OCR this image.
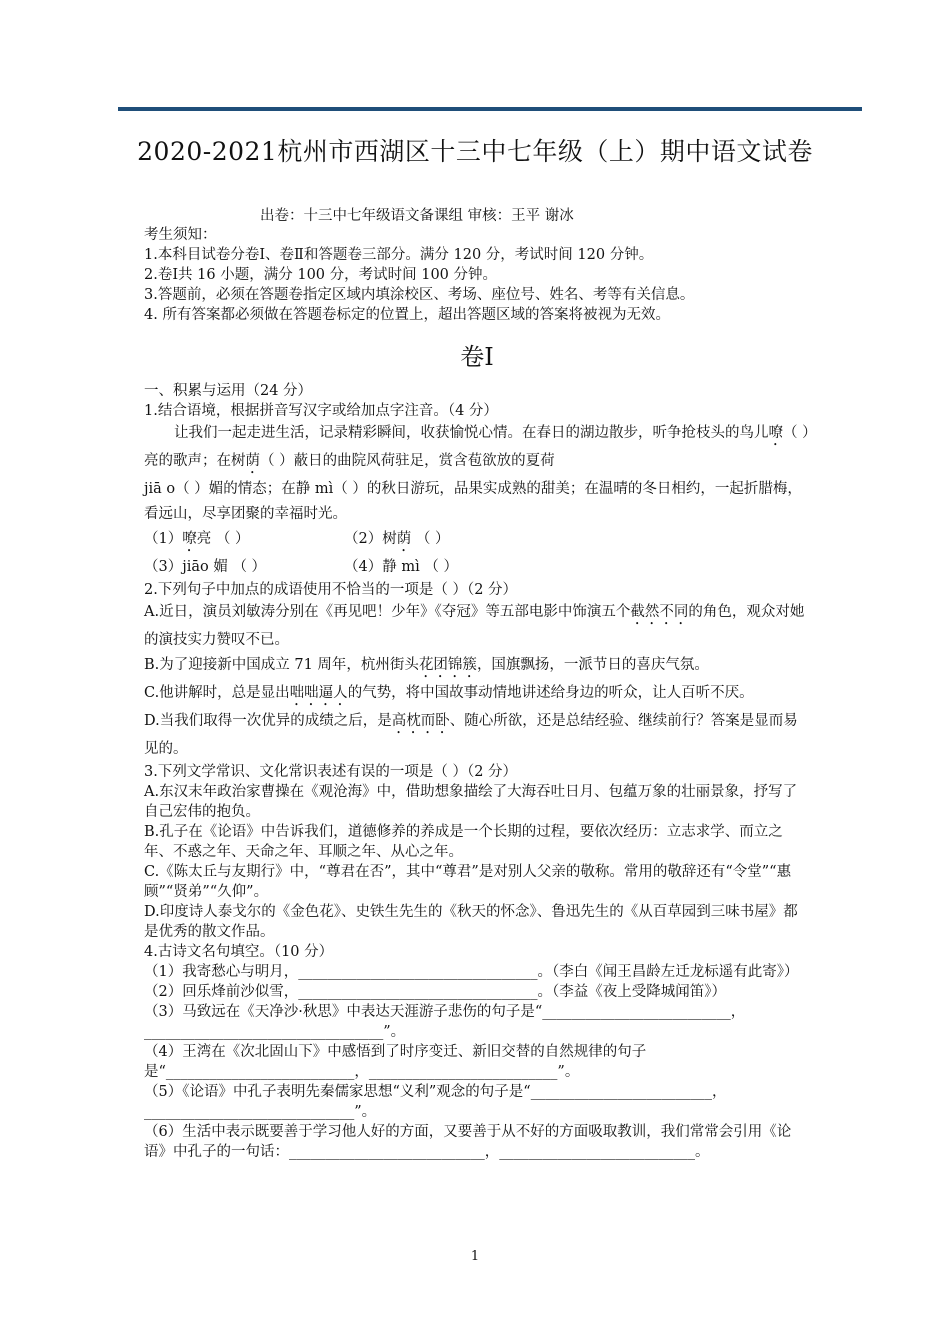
2020-2021杭州市西湖区十三中七年级（上）期中语文试卷
出卷：十三中七年级语文备课组 审核：王平 谢冰

考生须知：

1.本科目试卷分卷Ⅰ、卷Ⅱ和答题卷三部分。满分 120 分，考试时间 120 分钟。

2.卷Ⅰ共 16 小题，满分 100 分，考试时间 100 分钟。

3.答题前，必须在答题卷指定区域内填涂校区、考场、座位号、姓名、考等有关信息。

4. 所有答案都必须做在答题卷标定的位置上，超出答题区域的答案将被视为无效。

卷Ⅰ

一、积累与运用（24 分）

1.结合语境，根据拼音写汉字或给加点字注音。（4 分）

让我们一起走进生活，记录精彩瞬间，收获愉悦心情。在春日的湖边散步，听争抢枝头的鸟儿嘹（ ）亮的歌声；在树荫（ ）蔽日的曲院风荷驻足，赏含苞欲放的夏荷

jiā o（ ）媚的情态；在静 mì（ ）的秋日游玩，品果实成熟的甜美；在温晴的冬日相约，一起折腊梅，看远山，尽享团聚的幸福时光。

（1）嘹亮 （ ）	（2）树荫 （ ）

（3）jiāo 媚 （ ）	（4）静 mì （ ）

2.下列句子中加点的成语使用不恰当的一项是（ ）（2 分）

A.近日，演员刘敏涛分别在《再见吧！少年》《夺冠》等五部电影中饰演五个截然不同的角色，观众对她的演技实力赞叹不已。

B.为了迎接新中国成立 71 周年，杭州街头花团锦簇，国旗飘扬，一派节日的喜庆气氛。

C.他讲解时，总是显出咄咄逼人的气势，将中国故事动情地讲述给身边的听众，让人百听不厌。

D.当我们取得一次优异的成绩之后，是高枕而卧、随心所欲，还是总结经验、继续前行？答案是显而易见的。

3.下列文学常识、文化常识表述有误的一项是（ ）（2 分）

A.东汉末年政治家曹操在《观沧海》中，借助想象描绘了大海吞吐日月、包蕴万象的壮丽景象，抒写了自己宏伟的抱负。

B.孔子在《论语》中告诉我们，道德修养的养成是一个长期的过程，要依次经历：立志求学、而立之年、不惑之年、天命之年、耳顺之年、从心之年。

C.《陈太丘与友期行》中，“尊君在否”，其中“尊君”是对别人父亲的敬称。常用的敬辞还有“令堂”“惠顾”“贤弟”“久仰”。

D.印度诗人泰戈尔的《金色花》、史铁生先生的《秋天的怀念》、鲁迅先生的《从百草园到三味书屋》都是优秀的散文作品。

4.古诗文名句填空。（10 分）

（1）我寄愁心与明月，_________________________________。（李白《闻王昌龄左迁龙标遥有此寄》）

（2）回乐烽前沙似雪，_________________________________。（李益《夜上受降城闻笛》）

（3）马致远在《天净沙·秋思》中表达天涯游子悲伤的句子是“__________________________，_________________________________”。

（4）王湾在《次北固山下》中感悟到了时序变迁、新旧交替的自然规律的句子是“__________________________，__________________________”。

（5）《论语》中孔子表明先秦儒家思想“义利”观念的句子是“_________________________，_____________________________”。

（6）生活中表示既要善于学习他人好的方面，又要善于从不好的方面吸取教训，我们常常会引用《论语》中孔子的一句话：___________________________，___________________________。

1
